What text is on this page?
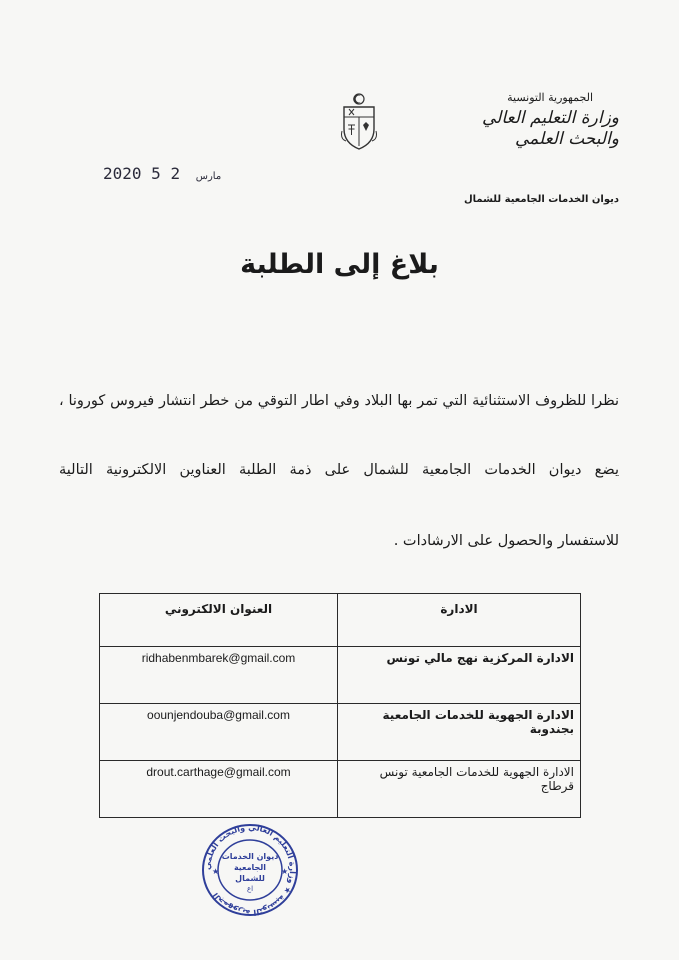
الجمهورية التونسية
وزارة التعليم العالي
والبحث العلمي
ديوان الخدمات الجامعية للشمال
2020	مارس 2 5
بلاغ إلى الطلبة
نظرا للظروف الاستثنائية التي تمر بها البلاد وفي اطار التوقي من خطر انتشار فيروس كورونا ،
يضع ديوان الخدمات الجامعية للشمال على ذمة الطلبة العناوين الالكترونية التالية
للاستفسار والحصول على الارشادات .
العنوان الالكتروني	الادارة
ridhabenmbarek@gmail.com	الادارة المركزية نهج مالي تونس
oounjendouba@gmail.com	الادارة الجهوية للخدمات الجامعية بجندوبة
drout.carthage@gmail.com	الادارة الجهوية للخدمات الجامعية تونس قرطاج
الجمهورية التونسية ★ وزارة التعليم العالي والبحث العلمي
ديوان الخدمات
الجامعية
للشمال
اع
★	★
